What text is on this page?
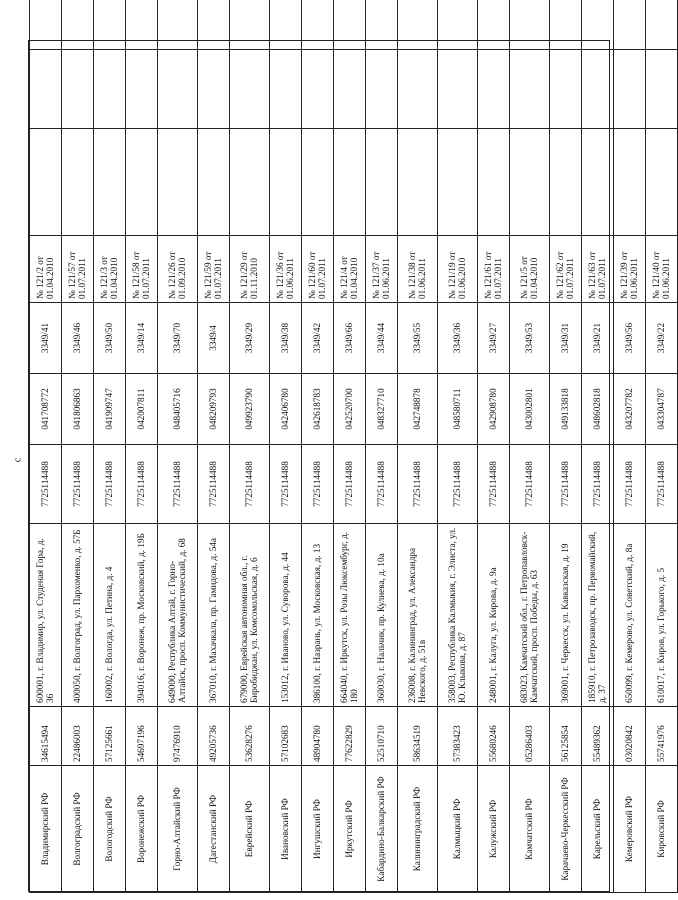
c
Владимирский РФ	34615494	600001, г. Владимир, ул. Студеная Гора, д. 36	7725114488	041708772	3349/41	№ 121/2 от 01.04.2010			
Волгоградский РФ	22486003	400050, г. Волгоград, ул. Пархоменко, д. 57Б	7725114488	041806863	3349/46	№ 121/57 от 01.07.2011			
Вологодский РФ	57125661	160002, г. Вологда, ул. Петина, д. 4	7725114488	041909747	3349/50	№ 121/3 от 01.04.2010			
Воронежский РФ	54697196	394016, г. Воронеж, пр. Московский, д. 19Б	7725114488	042007811	3349/14	№ 121/58 от 01.07.2011			
Горно-Алтайский РФ	97476910	649000, Республика Алтай, г. Горно-Алтайск, просп. Коммунистический, д. 68	7725114488	048405716	3349/70	№ 121/26 от 01.09.2010			
Дагестанский РФ	49205736	367010, г. Махачкала, пр. Гамидова, д. 54а	7725114488	048209793	3349/4	№ 121/59 от 01.07.2011			
Еврейский РФ	53628276	679000, Еврейская автономная обл., г. Биробиджан, ул. Комсомольская, д. 6	7725114488	049923790	3349/29	№ 121/29 от 01.11.2010			
Ивановский РФ	57102683	153012, г. Иваново, ул. Суворова, д. 44	7725114488	042406780	3349/38	№ 121/36 от 01.06.2011			
Ингушский РФ	48904780	386100, г. Назрань, ул. Московская, д. 13	7725114488	042618783	3349/42	№ 121/60 от 01.07.2011			
Иркутский РФ	77622829	664040, г. Иркутск, ул. Розы Люксембург, д. 180	7725114488	042520700	3349/66	№ 121/4 от 01.04.2010			
Кабардино-Балкарский РФ	52510710	360030, г. Нальчик, пр. Кулиева, д. 10а	7725114488	048327710	3349/44	№ 121/37 от 01.06.2011			
Калининградский РФ	58634519	236008, г. Калининград, ул. Александра Невского, д. 51в	7725114488	042748878	3349/55	№ 121/38 от 01.06.2011			
Калмыцкий РФ	57383423	358003, Республика Калмыкия, г. Элиста, ул. Ю. Клыкова, д. 87	7725114488	048580711	3349/36	№ 121/19 от 01.06.2010			
Калужский РФ	55680246	248001, г. Калуга, ул. Кирова, д. 9а	7725114488	042908780	3349/27	№ 121/61 от 01.07.2011			
Камчатский РФ	05286403	683023, Камчатский обл., г. Петропавловск-Камчатский, просп. Победы, д. 63	7725114488	043002801	3349/53	№ 121/5 от 01.04.2010			
Карачаево-Черкесский РФ	56125854	369001, г. Черкесск, ул. Кавказская, д. 19	7725114488	049133818	3349/31	№ 121/62 от 01.07.2011			
Карельский РФ	55489362	185910, г. Петрозаводск, пр. Первомайский, д. 37	7725114488	048602818	3349/21	№ 121/63 от 01.07.2011			
Кемеровский РФ	03020842	650099, г. Кемерово, ул. Советский, д. 8а	7725114488	043207782	3349/56	№ 121/39 от 01.06.2011			
Кировский РФ	55741976	610017, г. Киров, ул. Горького, д. 5	7725114488	043304787	3349/22	№ 121/40 от 01.06.2011			
